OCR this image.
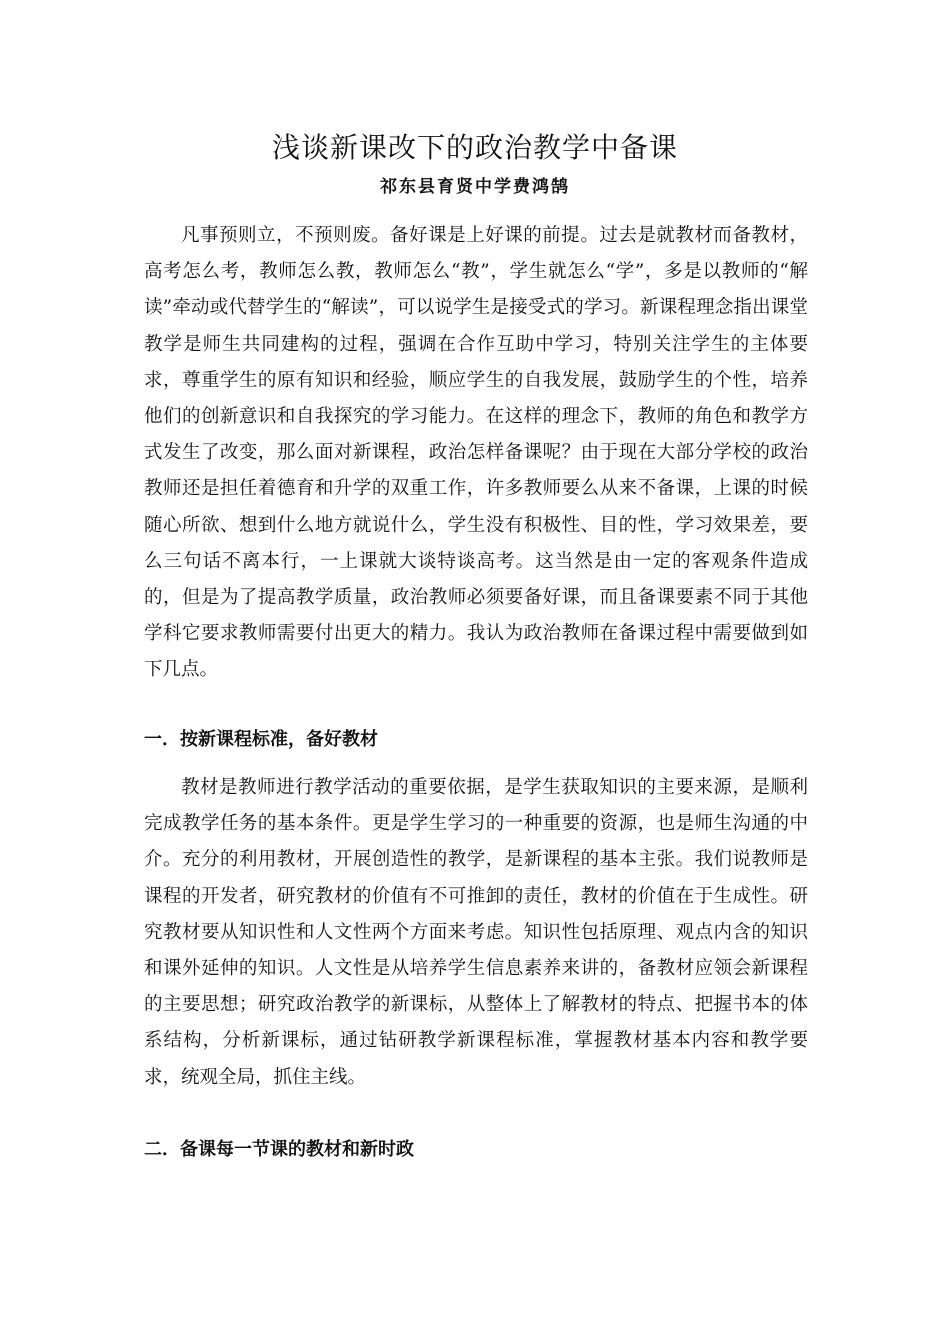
浅谈新课改下的政治教学中备课
祁东县育贤中学费鸿鹄

凡事预则立，不预则废。备好课是上好课的前提。过去是就教材而备教材，高考怎么考，教师怎么教，教师怎么“教”，学生就怎么“学”，多是以教师的“解读”牵动或代替学生的“解读”，可以说学生是接受式的学习。新课程理念指出课堂教学是师生共同建构的过程，强调在合作互助中学习，特别关注学生的主体要求，尊重学生的原有知识和经验，顺应学生的自我发展，鼓励学生的个性，培养他们的创新意识和自我探究的学习能力。在这样的理念下，教师的角色和教学方式发生了改变，那么面对新课程，政治怎样备课呢？由于现在大部分学校的政治教师还是担任着德育和升学的双重工作，许多教师要么从来不备课，上课的时候随心所欲、想到什么地方就说什么，学生没有积极性、目的性，学习效果差，要么三句话不离本行，一上课就大谈特谈高考。这当然是由一定的客观条件造成的，但是为了提高教学质量，政治教师必须要备好课，而且备课要素不同于其他学科它要求教师需要付出更大的精力。我认为政治教师在备课过程中需要做到如下几点。

一．按新课程标准，备好教材

教材是教师进行教学活动的重要依据，是学生获取知识的主要来源，是顺利完成教学任务的基本条件。更是学生学习的一种重要的资源，也是师生沟通的中介。充分的利用教材，开展创造性的教学，是新课程的基本主张。我们说教师是课程的开发者，研究教材的价值有不可推卸的责任，教材的价值在于生成性。研究教材要从知识性和人文性两个方面来考虑。知识性包括原理、观点内含的知识和课外延伸的知识。人文性是从培养学生信息素养来讲的，备教材应领会新课程的主要思想；研究政治教学的新课标，从整体上了解教材的特点、把握书本的体系结构，分析新课标，通过钻研教学新课程标准，掌握教材基本内容和教学要求，统观全局，抓住主线。

二．备课每一节课的教材和新时政
